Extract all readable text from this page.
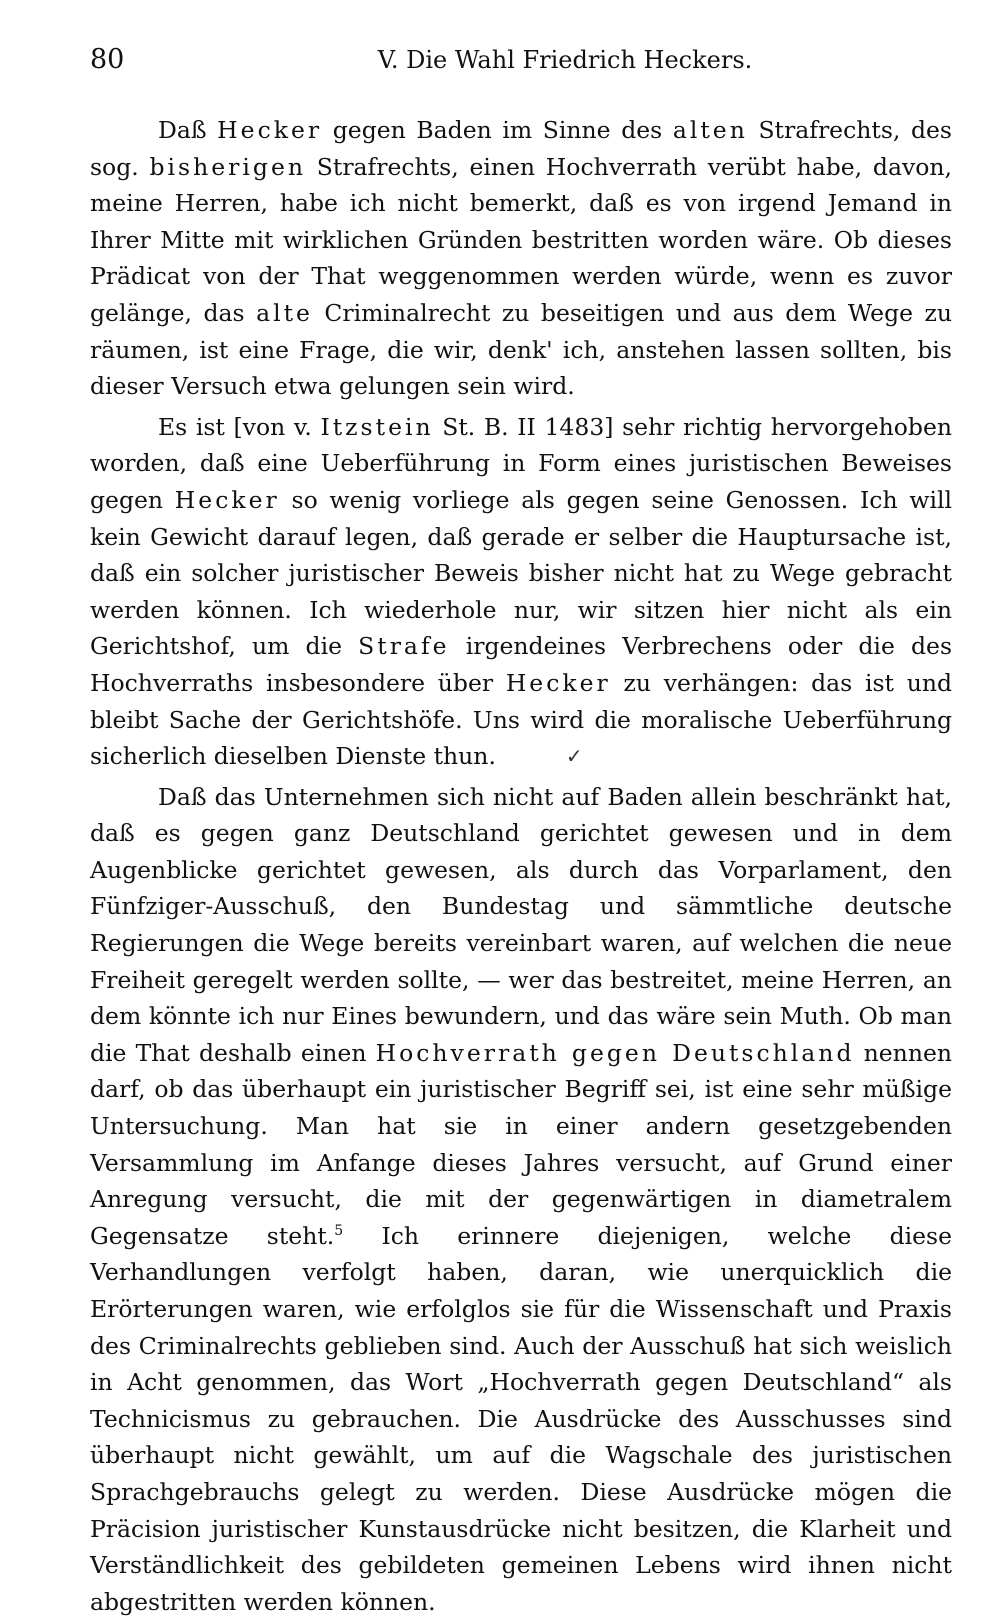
80	V. Die Wahl Friedrich Heckers.

Daß Hecker gegen Baden im Sinne des alten Strafrechts, des sog. bisherigen Strafrechts, einen Hochverrath verübt habe, davon, meine Herren, habe ich nicht bemerkt, daß es von irgend Jemand in Ihrer Mitte mit wirklichen Gründen bestritten worden wäre. Ob dieses Prädicat von der That weggenommen werden würde, wenn es zuvor gelänge, das alte Criminalrecht zu beseitigen und aus dem Wege zu räumen, ist eine Frage, die wir, denk' ich, anstehen lassen sollten, bis dieser Versuch etwa gelungen sein wird.

Es ist [von v. Itzstein St. B. II 1483] sehr richtig hervorgehoben worden, daß eine Ueberführung in Form eines juristischen Beweises gegen Hecker so wenig vorliege als gegen seine Genossen. Ich will kein Gewicht darauf legen, daß gerade er selber die Hauptursache ist, daß ein solcher juristischer Beweis bisher nicht hat zu Wege gebracht werden können. Ich wiederhole nur, wir sitzen hier nicht als ein Gerichtshof, um die Strafe irgendeines Verbrechens oder die des Hochverraths insbesondere über Hecker zu verhängen: das ist und bleibt Sache der Gerichtshöfe. Uns wird die moralische Ueberführung sicherlich dieselben Dienste thun.	✓

Daß das Unternehmen sich nicht auf Baden allein beschränkt hat, daß es gegen ganz Deutschland gerichtet gewesen und in dem Augenblicke gerichtet gewesen, als durch das Vorparlament, den Fünfziger-Ausschuß, den Bundestag und sämmtliche deutsche Regierungen die Wege bereits vereinbart waren, auf welchen die neue Freiheit geregelt werden sollte, — wer das bestreitet, meine Herren, an dem könnte ich nur Eines bewundern, und das wäre sein Muth. Ob man die That deshalb einen Hochverrath gegen Deutschland nennen darf, ob das überhaupt ein juristischer Begriff sei, ist eine sehr müßige Untersuchung. Man hat sie in einer andern gesetzgebenden Versammlung im Anfange dieses Jahres versucht, auf Grund einer Anregung versucht, die mit der gegenwärtigen in diametralem Gegensatze steht.$^5$ Ich erinnere diejenigen, welche diese Verhandlungen verfolgt haben, daran, wie unerquicklich die Erörterungen waren, wie erfolglos sie für die Wissenschaft und Praxis des Criminalrechts geblieben sind. Auch der Ausschuß hat sich weislich in Acht genommen, das Wort „Hochverrath gegen Deutschland“ als Technicismus zu gebrauchen. Die Ausdrücke des Ausschusses sind überhaupt nicht gewählt, um auf die Wagschale des juristischen Sprachgebrauchs gelegt zu werden. Diese Ausdrücke mögen die Präcision juristischer Kunstausdrücke nicht besitzen, die Klarheit und Verständlichkeit des gebildeten gemeinen Lebens wird ihnen nicht abgestritten werden können.
